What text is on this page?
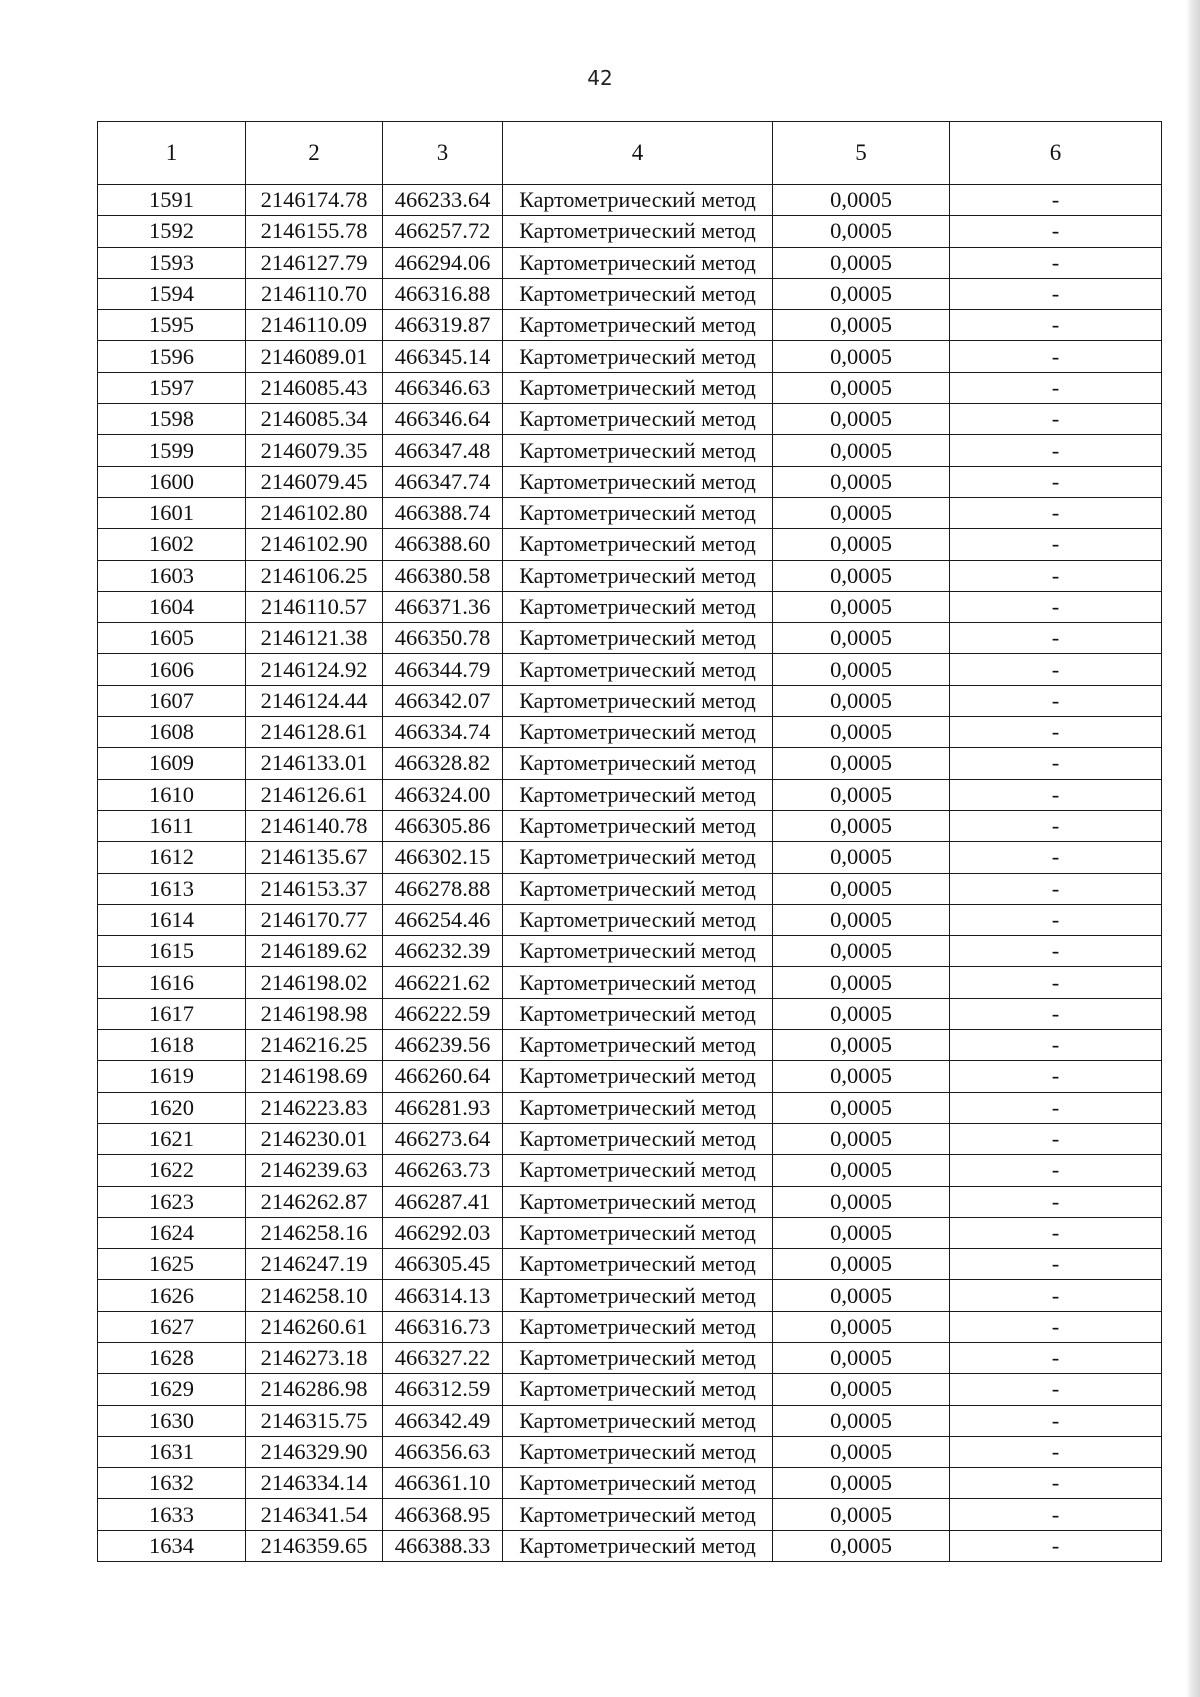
42
1	2	3	4	5	6
1591	2146174.78	466233.64	Картометрический метод	0,0005	-
1592	2146155.78	466257.72	Картометрический метод	0,0005	-
1593	2146127.79	466294.06	Картометрический метод	0,0005	-
1594	2146110.70	466316.88	Картометрический метод	0,0005	-
1595	2146110.09	466319.87	Картометрический метод	0,0005	-
1596	2146089.01	466345.14	Картометрический метод	0,0005	-
1597	2146085.43	466346.63	Картометрический метод	0,0005	-
1598	2146085.34	466346.64	Картометрический метод	0,0005	-
1599	2146079.35	466347.48	Картометрический метод	0,0005	-
1600	2146079.45	466347.74	Картометрический метод	0,0005	-
1601	2146102.80	466388.74	Картометрический метод	0,0005	-
1602	2146102.90	466388.60	Картометрический метод	0,0005	-
1603	2146106.25	466380.58	Картометрический метод	0,0005	-
1604	2146110.57	466371.36	Картометрический метод	0,0005	-
1605	2146121.38	466350.78	Картометрический метод	0,0005	-
1606	2146124.92	466344.79	Картометрический метод	0,0005	-
1607	2146124.44	466342.07	Картометрический метод	0,0005	-
1608	2146128.61	466334.74	Картометрический метод	0,0005	-
1609	2146133.01	466328.82	Картометрический метод	0,0005	-
1610	2146126.61	466324.00	Картометрический метод	0,0005	-
1611	2146140.78	466305.86	Картометрический метод	0,0005	-
1612	2146135.67	466302.15	Картометрический метод	0,0005	-
1613	2146153.37	466278.88	Картометрический метод	0,0005	-
1614	2146170.77	466254.46	Картометрический метод	0,0005	-
1615	2146189.62	466232.39	Картометрический метод	0,0005	-
1616	2146198.02	466221.62	Картометрический метод	0,0005	-
1617	2146198.98	466222.59	Картометрический метод	0,0005	-
1618	2146216.25	466239.56	Картометрический метод	0,0005	-
1619	2146198.69	466260.64	Картометрический метод	0,0005	-
1620	2146223.83	466281.93	Картометрический метод	0,0005	-
1621	2146230.01	466273.64	Картометрический метод	0,0005	-
1622	2146239.63	466263.73	Картометрический метод	0,0005	-
1623	2146262.87	466287.41	Картометрический метод	0,0005	-
1624	2146258.16	466292.03	Картометрический метод	0,0005	-
1625	2146247.19	466305.45	Картометрический метод	0,0005	-
1626	2146258.10	466314.13	Картометрический метод	0,0005	-
1627	2146260.61	466316.73	Картометрический метод	0,0005	-
1628	2146273.18	466327.22	Картометрический метод	0,0005	-
1629	2146286.98	466312.59	Картометрический метод	0,0005	-
1630	2146315.75	466342.49	Картометрический метод	0,0005	-
1631	2146329.90	466356.63	Картометрический метод	0,0005	-
1632	2146334.14	466361.10	Картометрический метод	0,0005	-
1633	2146341.54	466368.95	Картометрический метод	0,0005	-
1634	2146359.65	466388.33	Картометрический метод	0,0005	-
